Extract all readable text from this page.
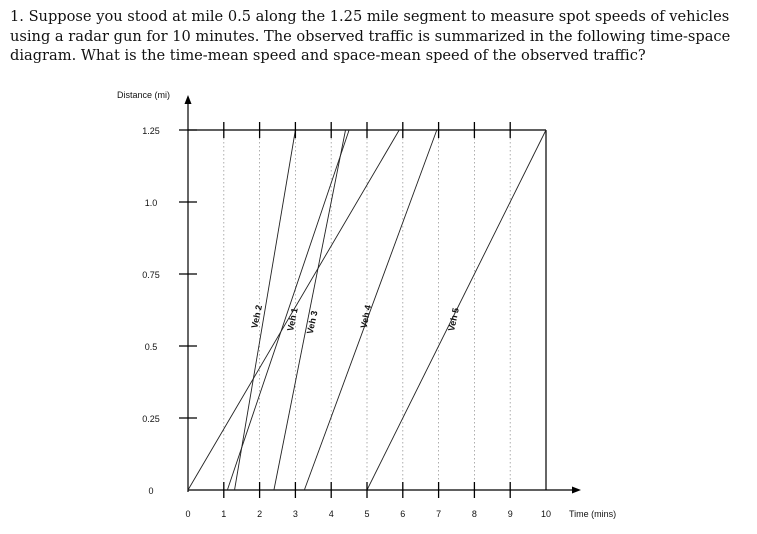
1. Suppose you stood at mile 0.5 along the 1.25 mile segment to measure spot speeds of vehicles using a radar gun for 10 minutes. The observed traffic is summarized in the following time-space diagram. What is the time-mean speed and space-mean speed of the observed traffic?

0
0.25
0.5
0.75
1.0
1.25
0	1	2	3	4	5	6	7	8	9	10
Distance (mi)
Time (mins)
Veh 2 Veh 1 Veh 3	Veh 4	Veh 5
